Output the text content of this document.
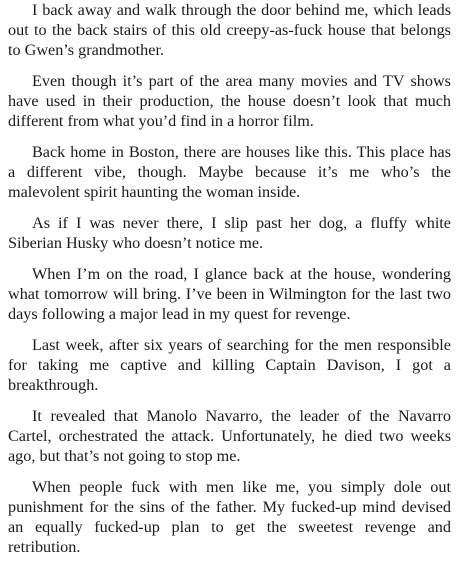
I back away and walk through the door behind me, which leads out to the back stairs of this old creepy-as-fuck house that belongs to Gwen’s grandmother.

Even though it’s part of the area many movies and TV shows have used in their production, the house doesn’t look that much different from what you’d find in a horror film.

Back home in Boston, there are houses like this. This place has a different vibe, though. Maybe because it’s me who’s the malevolent spirit haunting the woman inside.

As if I was never there, I slip past her dog, a fluffy white Siberian Husky who doesn’t notice me.

When I’m on the road, I glance back at the house, wondering what tomorrow will bring. I’ve been in Wilmington for the last two days following a major lead in my quest for revenge.

Last week, after six years of searching for the men responsible for taking me captive and killing Captain Davison, I got a breakthrough.

It revealed that Manolo Navarro, the leader of the Navarro Cartel, orchestrated the attack. Unfortunately, he died two weeks ago, but that’s not going to stop me.

When people fuck with men like me, you simply dole out punishment for the sins of the father. My fucked-up mind devised an equally fucked-up plan to get the sweetest revenge and retribution.
